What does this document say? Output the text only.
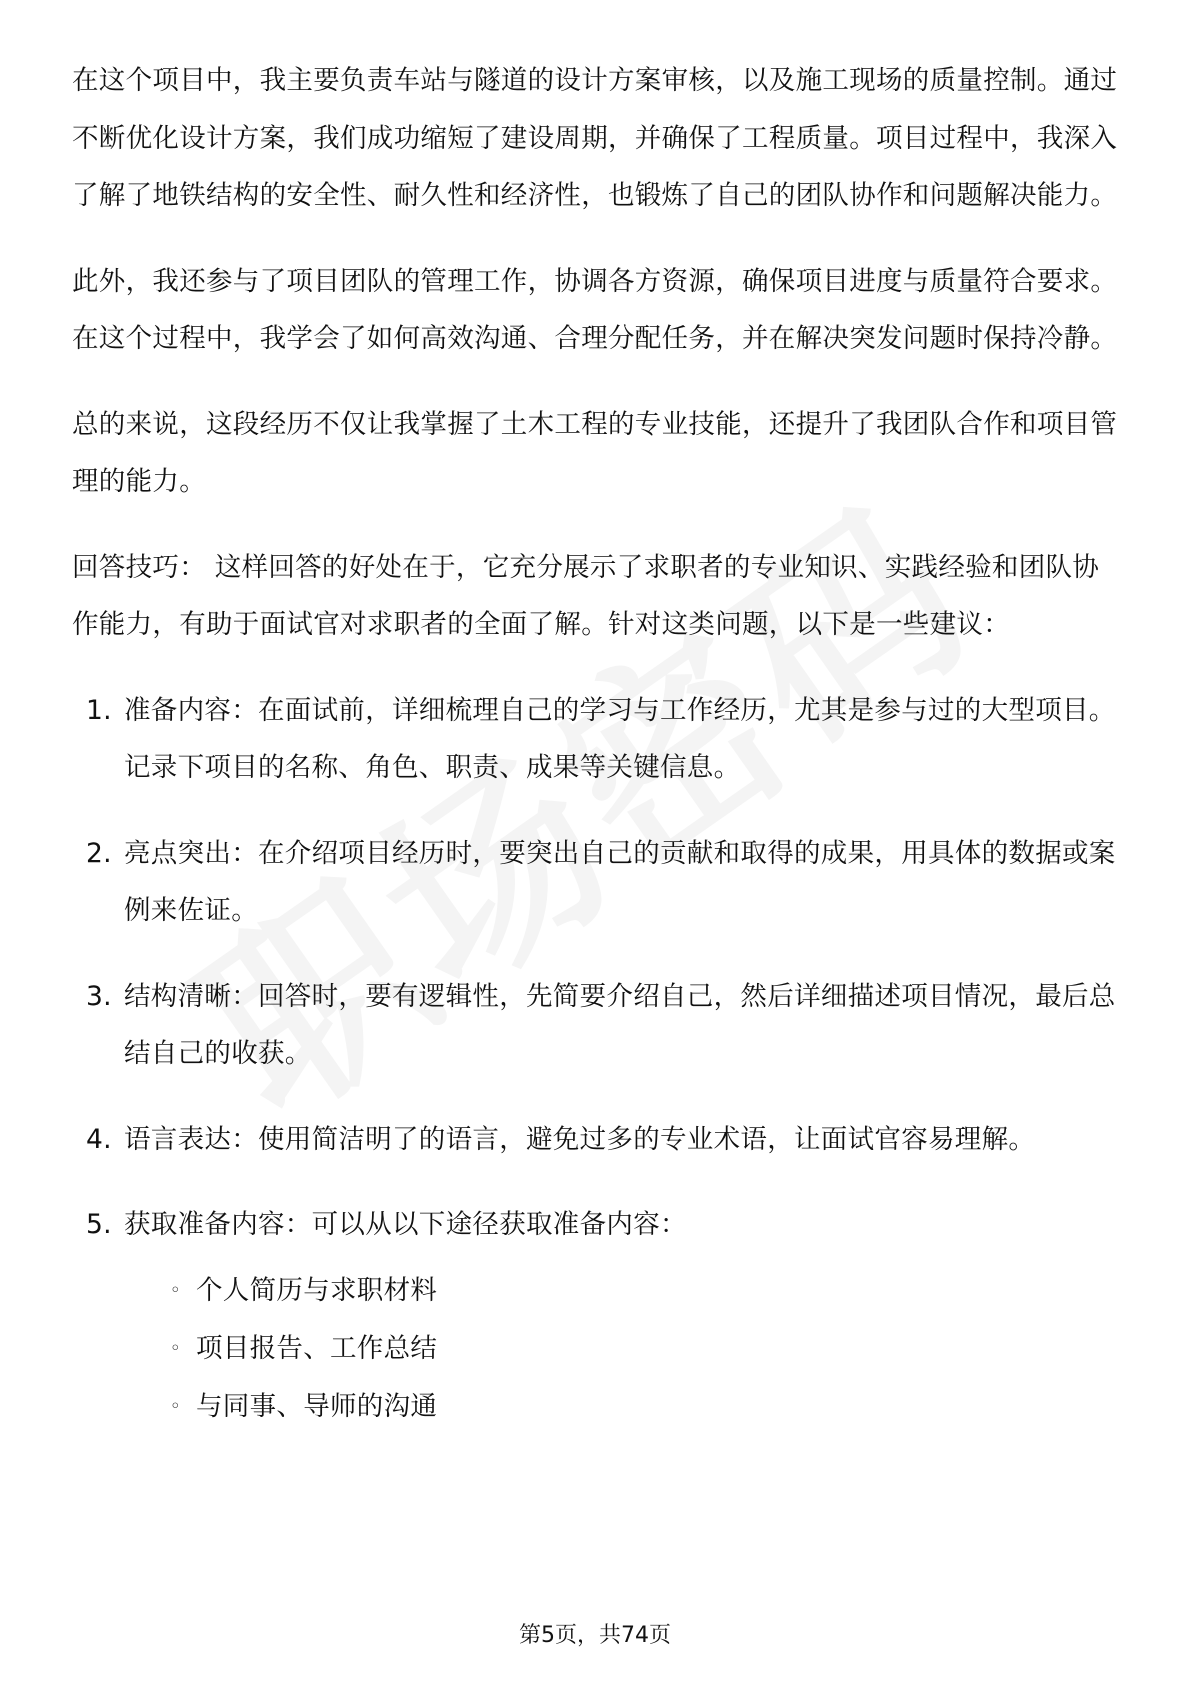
在这个项目中，我主要负责车站与隧道的设计方案审核，以及施工现场的质量控制。通过不断优化设计方案，我们成功缩短了建设周期，并确保了工程质量。项目过程中，我深入了解了地铁结构的安全性、耐久性和经济性，也锻炼了自己的团队协作和问题解决能力。

此外，我还参与了项目团队的管理工作，协调各方资源，确保项目进度与质量符合要求。在这个过程中，我学会了如何高效沟通、合理分配任务，并在解决突发问题时保持冷静。

总的来说，这段经历不仅让我掌握了土木工程的专业技能，还提升了我团队合作和项目管理的能力。

回答技巧： 这样回答的好处在于，它充分展示了求职者的专业知识、实践经验和团队协作能力，有助于面试官对求职者的全面了解。针对这类问题，以下是一些建议：

1. 准备内容：在面试前，详细梳理自己的学习与工作经历，尤其是参与过的大型项目。记录下项目的名称、角色、职责、成果等关键信息。
2. 亮点突出：在介绍项目经历时，要突出自己的贡献和取得的成果，用具体的数据或案例来佐证。
3. 结构清晰：回答时，要有逻辑性，先简要介绍自己，然后详细描述项目情况，最后总结自己的收获。
4. 语言表达：使用简洁明了的语言，避免过多的专业术语，让面试官容易理解。
5. 获取准备内容：可以从以下途径获取准备内容：
◦ 个人简历与求职材料
◦ 项目报告、工作总结
◦ 与同事、导师的沟通
第5页，共74页
